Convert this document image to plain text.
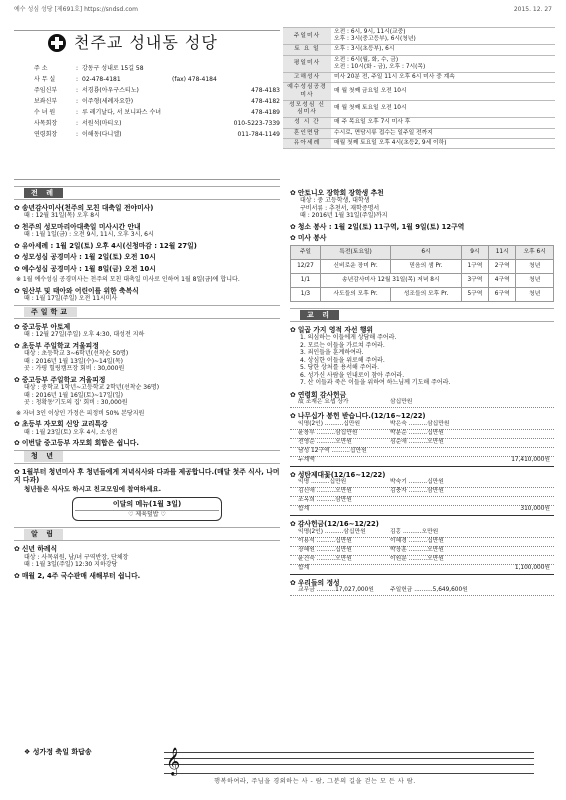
예수 성심 성당 [제691호] https://sndsd.com	2015. 12. 27
천주교 성내동 성당
주 소	: 강동구 성내로 15길 58
사 무 실	: 02-478-4181	(fax) 478-4184
주임신부	: 서경룡(아우구스티노)	478-4183
보좌신부	: 이주형(세례자요한)	478-4182
수 녀 원	: 루 레기날다, 서 보니파스 수녀	478-4189
사목회장	: 서원석(마티오)	010-5223-7339
연령회장	: 이해동(다니엘)	011-784-1149
주일미사	오전 : 6시, 9시, 11시(교중)
오후 : 3시(중고등부), 6시(청년)
토 요 일	오후 : 3시(초등부), 6시
평일미사	오전 : 6시(월, 화, 수, 금)
오전 : 10시(화 - 금), 오후 : 7시(목)
고해성사	미사 20분 전, 주일 11시 오후 6시 미사 중 계속
예수성심공경미사	매 월 첫째 금요일 오전 10시
성모성심 신심미사	매 월 첫째 토요일 오전 10시
성 시 간	매 주 목요일 오후 7시 미사 후
혼인면담	수시로, 면담시류 접수는 일주일 전까지
유아세례	매월 첫째 토요일 오후 4시(초등2, 9세 이하)
전 례
✿ 송년감사미사(천주의 모친 대축일 전야미사)
때 : 12월 31일(목) 오후 8시
✿ 천주의 성모마리아대축일 미사시간 안내
때 : 1월 1일(금) : 오전 9시, 11시, 오후 3시, 6시
✿ 유아세례 : 1월 2일(토) 오후 4시(신청마감 : 12월 27일)
✿ 성모성심 공경미사 : 1월 2일(토) 오전 10시
✿ 예수성심 공경미사 : 1월 8일(금) 오전 10시
※ 1월 예수성심 공경미사는 천주의 모친 대축일 미사로 인하여 1월 8일(금)에 합니다.
✿ 임산부 및 태아와 어린이를 위한 축복식
때 : 1월 17일(주일) 오전 11시미사
주일학교
✿ 중고등부 아토제
때 : 12월 27일(주일) 오후 4:30, 대성전 지하
✿ 초등부 주일학교 겨울피정
대상 : 초등학교 3~6학년(선착순 50명)
때 : 2016년 1월 13일(수)~14일(목)
곳 : 가평 힐링캠프장 회비 : 30,000원
✿ 중고등부 주일학교 겨울피정
대상 : 중학교 1학년~고등학교 2학년(선착순 36명)
때 : 2016년 1월 16일(토)~17일(일)
곳 : 청확동'기도의 집' 회비 : 30,000원
※ 자녀 3인 이상인 가정은 피정비 50% 본당지원
✿ 초등부 자모회 신앙 교리특강
때 : 1월 23일(토) 오후 4시, 소성전
✿ 이번달 중고등부 자모회 회합은 쉽니다.
청 년
✿ 1월부터 청년미사 후 청년들에게 저녁식사와 다과를 제공합니다.(매달 첫주 식사, 나머지 다과)
청년들은 식사도 하시고 친교모임에 참여하세요.
이달의 메뉴(1월 3일)
♡ 제육덮밥 ♡
알 림
✿ 신년 하례식
대상 : 사목위원, 남/녀 구역반장, 단체장
때 : 1월 3일(주일) 12:30 지하강당
✿ 매월 2, 4주 국수판매 새해부터 쉽니다.
✿ 안토니오 장학회 장학생 추천
대상 : 중 고등학생, 대학생
구비서류 : 추천서, 재학증명서
때 : 2016년 1월 31일(주일)까지
✿ 청소 봉사 : 1월 2일(토) 11구역, 1월 9일(토) 12구역
✿ 미사 봉사
주일	특전(토요일)	6시	9시	11시	오후 6시
12/27	신비로운 장미 Pr.	믿음의 샘 Pr.	1구역	2구역	청년
1/1	송년감사미사 12월 31일(목) 저녁 8시		3구역	4구역	청년
1/3	사도들의 모후 Pr.	성조들의 모후 Pr.	5구역	6구역	청년
교 리
✿ 일곱 가지 영적 자선 행위
1. 의심하는 이들에게 상담해 주어라.
2. 모르는 이들을 가르쳐 주어라.
3. 죄인들을 훈계하여라.
4. 상심한 이들을 위로해 주어라.
5. 당한 상처를 용서해 주어라.
6. 성가신 사람을 인내로이 참아 주어라.
7. 산 이들과 죽은 이들을 위하여 하느님께 기도해 주어라.
✿ 연령회 감사헌금
故 조재은 요셉 상가	삼십만원
✿ 나무십가 봉헌 받습니다.(12/16~12/22)
익명(2인) ..........십만원	박은숙 ..........삼십만원
윤창부 ..........삼십만원	박분순 ..........십만원
전영순 ..........오만원	심순애 ..........오만원
남성 12구역 ..........십만원
누계액	17,410,000원
✿ 성탄제대꽃(12/16~12/22)
익명 ..........십만원	박숙기 ..........십만원
김신애 ..........오만원	김충자 ..........삼만원
조옥희 ..........삼만원
합계	310,000원
✿ 감사헌금(12/16~12/22)
익명(2인) ..........삼십만원	김홍 ..........오만원
이용석 ..........십만원	이혜경 ..........십만원
장혜원 ..........십만원	박장훈 ..........오만원
윤건숙 ..........오만원	이원분 ..........오만원
합계	1,100,000원
✿ 우리들의 정성
교무금 ..........17,027,000원	주일헌금 ..........5,649,600원
❖ 성가정 축일 화답송	𝄞
행복하여라, 주님을 경외하는 사 - 람, 그분의 길을 걷는 모 든 사 람.
